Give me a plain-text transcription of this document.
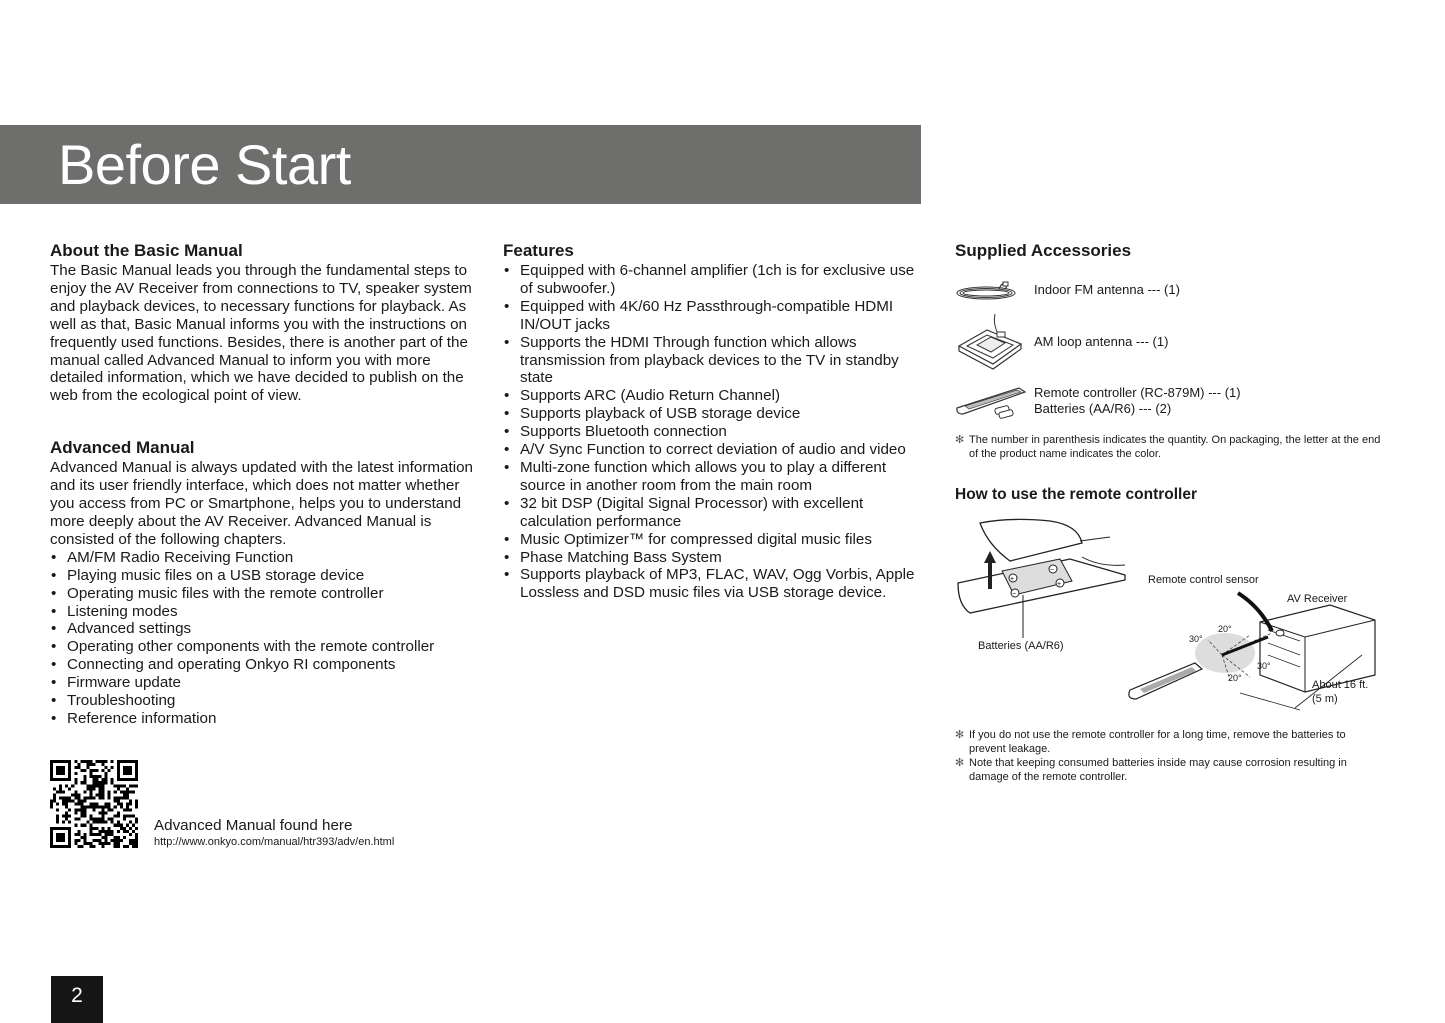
Before Start
About the Basic Manual

The Basic Manual leads you through the fundamental steps to enjoy the AV Receiver from connections to TV, speaker system and playback devices, to necessary functions for playback. As well as that, Basic Manual informs you with the instructions on frequently used functions. Besides, there is another part of the manual called Advanced Manual to inform you with more detailed information, which we have decided to publish on the web from the ecological point of view.

Advanced Manual

Advanced Manual is always updated with the latest information and its user friendly interface, which does not matter whether you access from PC or Smartphone, helps you to understand more deeply about the AV Receiver. Advanced Manual is consisted of the following chapters.

• AM/FM Radio Receiving Function
• Playing music files on a USB storage device
• Operating music files with the remote controller
• Listening modes
• Advanced settings
• Operating other components with the remote controller
• Connecting and operating Onkyo RI components
• Firmware update
• Troubleshooting
• Reference information
Advanced Manual found here
http://www.onkyo.com/manual/htr393/adv/en.html
Features
• Equipped with 6-channel amplifier (1ch is for exclusive use of subwoofer.)
• Equipped with 4K/60 Hz Passthrough-compatible HDMI IN/OUT jacks
• Supports the HDMI Through function which allows transmission from playback devices to the TV in standby state
• Supports ARC (Audio Return Channel)
• Supports playback of USB storage device
• Supports Bluetooth connection
• A/V Sync Function to correct deviation of audio and video
• Multi-zone function which allows you to play a different source in another room from the main room
• 32 bit DSP (Digital Signal Processor) with excellent calculation performance
• Music Optimizer™ for compressed digital music files
• Phase Matching Bass System
• Supports playback of MP3, FLAC, WAV, Ogg Vorbis, Apple Lossless and DSD music files via USB storage device.
Supplied Accessories
Indoor FM antenna --- (1)
AM loop antenna --- (1)
Remote controller (RC-879M) --- (1)
Batteries (AA/R6) --- (2)
✻ The number in parenthesis indicates the quantity. On packaging, the letter at the end of the product name indicates the color.
How to use the remote controller
+
−
−
+
Batteries (AA/R6)
Remote control sensor
AV Receiver
About 16 ft.
(5 m)
20°
30°
30°
20°
✻ If you do not use the remote controller for a long time, remove the batteries to prevent leakage.
✻ Note that keeping consumed batteries inside may cause corrosion resulting in damage of the remote controller.
2
